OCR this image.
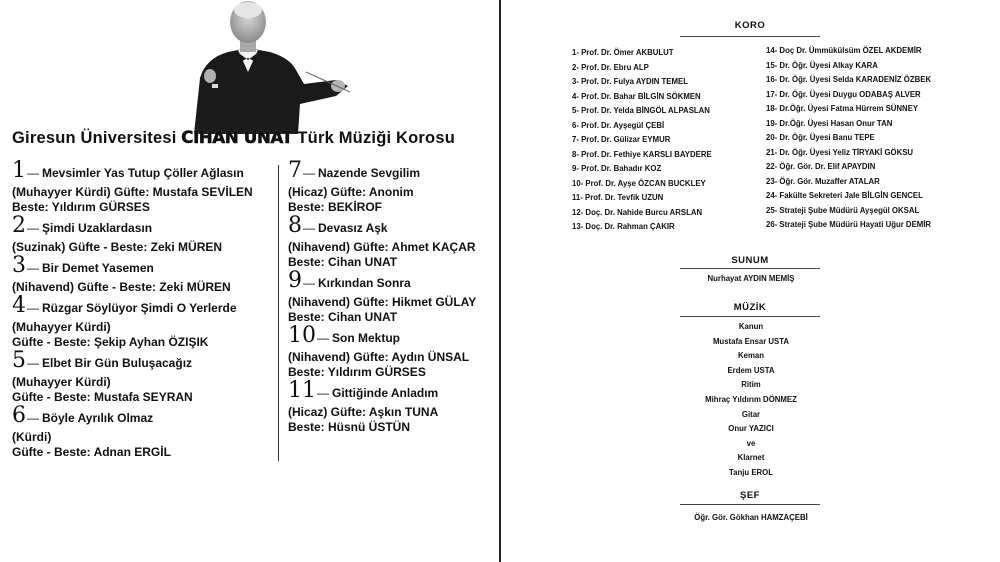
Giresun Üniversitesi CİHAN UNAT Türk Müziği Korosu
1 — Mevsimler Yas Tutup Çöller Ağlasın
(Muhayyer Kürdi) Güfte: Mustafa SEVİLEN
Beste: Yıldırım GÜRSES
2 — Şimdi Uzaklardasın
(Suzinak) Güfte - Beste: Zeki MÜREN
3 — Bir Demet Yasemen
(Nihavend) Güfte - Beste: Zeki MÜREN
4 — Rüzgar Söylüyor Şimdi O Yerlerde
(Muhayyer Kürdi)
Güfte - Beste: Şekip Ayhan ÖZIŞIK
5 — Elbet Bir Gün Buluşacağız
(Muhayyer Kürdi)
Güfte - Beste: Mustafa SEYRAN
6 — Böyle Ayrılık Olmaz
(Kürdi)
Güfte - Beste: Adnan ERGİL
7 — Nazende Sevgilim
(Hicaz) Güfte: Anonim
Beste: BEKİROF
8 — Devasız Aşk
(Nihavend) Güfte: Ahmet KAÇAR
Beste: Cihan UNAT
9 — Kırkından Sonra
(Nihavend) Güfte: Hikmet GÜLAY
Beste: Cihan UNAT
10 — Son Mektup
(Nihavend) Güfte: Aydın ÜNSAL
Beste: Yıldırım GÜRSES
11 — Gittiğinde Anladım
(Hicaz) Güfte: Aşkın TUNA
Beste: Hüsnü ÜSTÜN
KORO
1- Prof. Dr. Ömer AKBULUT
2- Prof. Dr. Ebru ALP
3- Prof. Dr. Fulya AYDIN TEMEL
4- Prof. Dr. Bahar BİLGİN SÖKMEN
5- Prof. Dr. Yelda BİNGÖL ALPASLAN
6- Prof. Dr. Ayşegül ÇEBİ
7- Prof. Dr. Gülizar EYMUR
8- Prof. Dr. Fethiye KARSLI BAYDERE
9- Prof. Dr. Bahadır KOZ
10- Prof. Dr. Ayşe ÖZCAN BUCKLEY
11- Prof. Dr. Tevfik UZUN
12- Doç. Dr. Nahide Burcu ARSLAN
13- Doç. Dr. Rahman ÇAKIR
14- Doç Dr. Ümmükülsüm ÖZEL AKDEMİR
15- Dr. Öğr. Üyesi Alkay KARA
16- Dr. Öğr. Üyesi Selda KARADENİZ ÖZBEK
17- Dr. Öğr. Üyesi Duygu ODABAŞ ALVER
18- Dr.Öğr. Üyesi Fatma Hürrem SÜNNEY
19- Dr.Öğr. Üyesi Hasan Onur TAN
20- Dr. Öğr. Üyesi Banu TEPE
21- Dr. Öğr. Üyesi Yeliz TİRYAKİ GÖKSU
22- Öğr. Gör. Dr. Elif APAYDIN
23- Öğr. Gör. Muzaffer ATALAR
24- Fakülte Sekreteri Jale BİLGİN GENCEL
25- Strateji Şube Müdürü Ayşegül OKSAL
26- Strateji Şube Müdürü Hayati Uğur DEMİR
SUNUM
Nurhayat AYDIN MEMİŞ
MÜZİK
Kanun
Mustafa Ensar USTA
Keman
Erdem USTA
Ritim
Mihraç Yıldırım DÖNMEZ
Gitar
Onur YAZICI
ve
Klarnet
Tanju EROL
ŞEF
Öğr. Gör. Gökhan HAMZAÇEBİ
